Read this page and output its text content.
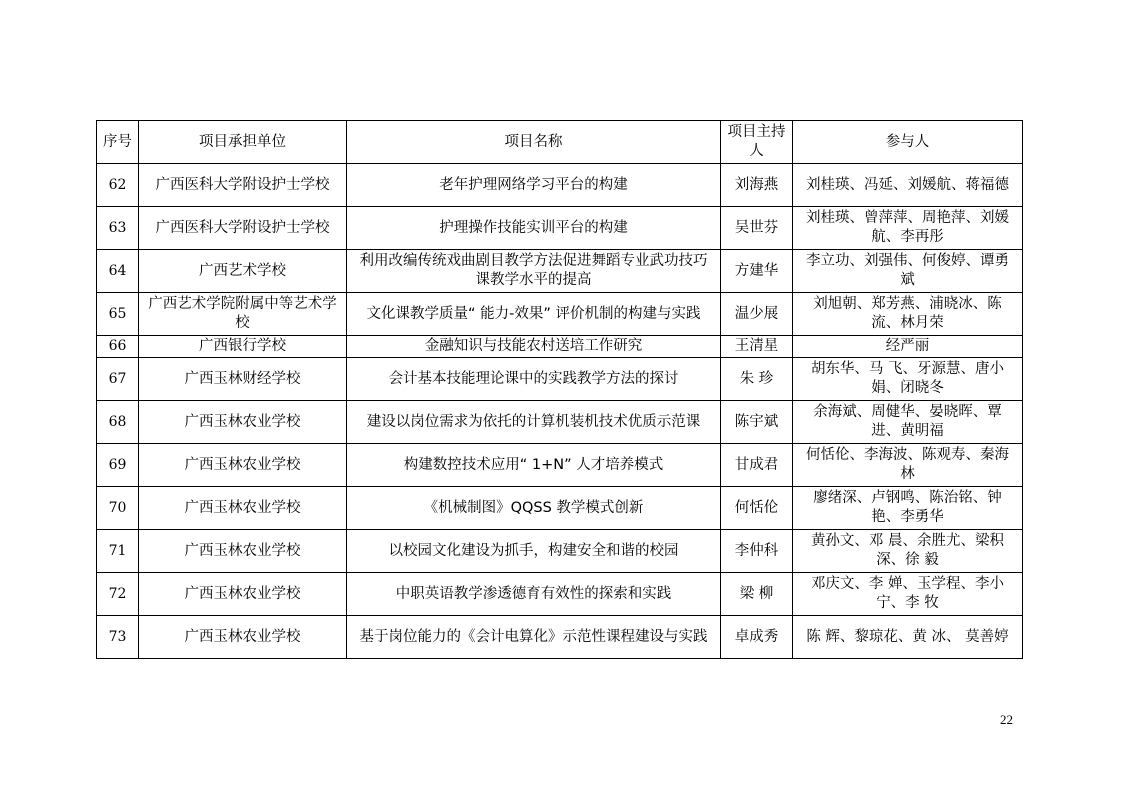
序号	项目承担单位	项目名称	项目主持人	参与人
62	广西医科大学附设护士学校	老年护理网络学习平台的构建	刘海燕	刘桂瑛、冯延、刘媛航、蒋福德
63	广西医科大学附设护士学校	护理操作技能实训平台的构建	吴世芬	刘桂瑛、曾萍萍、周艳萍、刘媛航、李再彤
64	广西艺术学校	利用改编传统戏曲剧目教学方法促进舞蹈专业武功技巧课教学水平的提高	方建华	李立功、刘强伟、何俊婷、谭勇斌
65	广西艺术学院附属中等艺术学校	文化课教学质量“ 能力-效果” 评价机制的构建与实践	温少展	刘旭朝、郑芳燕、浦晓冰、陈流、林月荣
66	广西银行学校	金融知识与技能农村送培工作研究	王清星	经严丽
67	广西玉林财经学校	会计基本技能理论课中的实践教学方法的探讨	朱 珍	胡东华、马 飞、牙源慧、唐小娟、闭晓冬
68	广西玉林农业学校	建设以岗位需求为依托的计算机装机技术优质示范课	陈宇斌	余海斌、周健华、晏晓晖、覃进、黄明福
69	广西玉林农业学校	构建数控技术应用“ 1+N” 人才培养模式	甘成君	何恬伦、李海波、陈观寿、秦海林
70	广西玉林农业学校	《机械制图》QQSS 教学模式创新	何恬伦	廖绪深、卢钢鸣、陈治铭、钟艳、李勇华
71	广西玉林农业学校	以校园文化建设为抓手，构建安全和谐的校园	李仲科	黄孙文、邓 晨、余胜尤、梁积深、徐 毅
72	广西玉林农业学校	中职英语教学渗透德育有效性的探索和实践	梁 柳	邓庆文、李 婵、玉学程、李小宁、李 牧
73	广西玉林农业学校	基于岗位能力的《会计电算化》示范性课程建设与实践	卓成秀	陈 辉、黎琼花、黄 冰、 莫善婷
22
